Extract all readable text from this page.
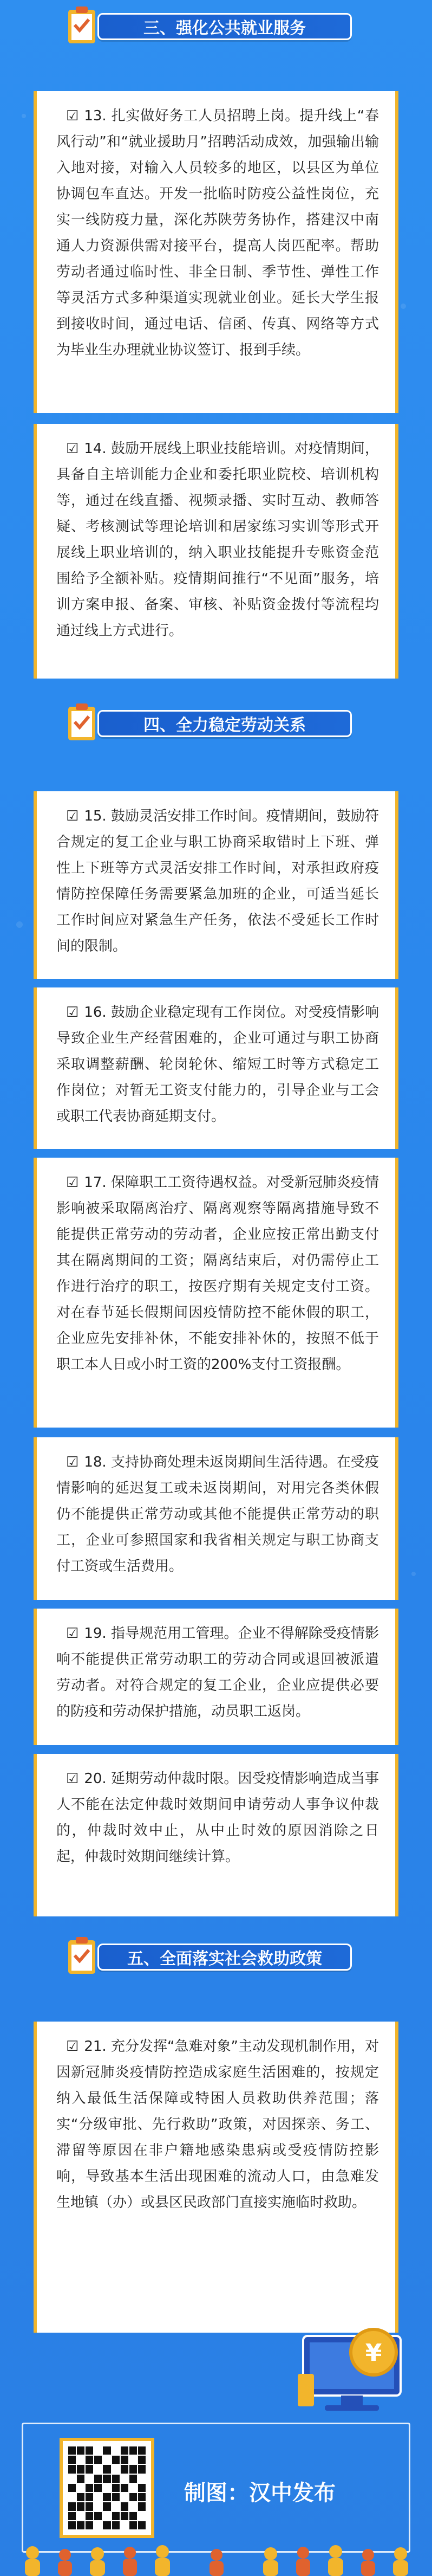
三、强化公共就业服务

☑ 13. 扎实做好务工人员招聘上岗。提升线上“春风行动”和“就业援助月”招聘活动成效，加强输出输入地对接，对输入人员较多的地区，以县区为单位协调包车直达。开发一批临时防疫公益性岗位，充实一线防疫力量，深化苏陕劳务协作，搭建汉中南通人力资源供需对接平台，提高人岗匹配率。帮助劳动者通过临时性、非全日制、季节性、弹性工作等灵活方式多种渠道实现就业创业。延长大学生报到接收时间，通过电话、信函、传真、网络等方式为毕业生办理就业协议签订、报到手续。

☑ 14. 鼓励开展线上职业技能培训。对疫情期间，具备自主培训能力企业和委托职业院校、培训机构等，通过在线直播、视频录播、实时互动、教师答疑、考核测试等理论培训和居家练习实训等形式开展线上职业培训的，纳入职业技能提升专账资金范围给予全额补贴。疫情期间推行“不见面”服务，培训方案申报、备案、审核、补贴资金拨付等流程均通过线上方式进行。

四、全力稳定劳动关系

☑ 15. 鼓励灵活安排工作时间。疫情期间，鼓励符合规定的复工企业与职工协商采取错时上下班、弹性上下班等方式灵活安排工作时间，对承担政府疫情防控保障任务需要紧急加班的企业，可适当延长工作时间应对紧急生产任务，依法不受延长工作时间的限制。

☑ 16. 鼓励企业稳定现有工作岗位。对受疫情影响导致企业生产经营困难的，企业可通过与职工协商采取调整薪酬、轮岗轮休、缩短工时等方式稳定工作岗位；对暂无工资支付能力的，引导企业与工会或职工代表协商延期支付。

☑ 17. 保障职工工资待遇权益。对受新冠肺炎疫情影响被采取隔离治疗、隔离观察等隔离措施导致不能提供正常劳动的劳动者，企业应按正常出勤支付其在隔离期间的工资；隔离结束后，对仍需停止工作进行治疗的职工，按医疗期有关规定支付工资。对在春节延长假期间因疫情防控不能休假的职工，企业应先安排补休，不能安排补休的，按照不低于职工本人日或小时工资的200%支付工资报酬。

☑ 18. 支持协商处理未返岗期间生活待遇。在受疫情影响的延迟复工或未返岗期间，对用完各类休假仍不能提供正常劳动或其他不能提供正常劳动的职工，企业可参照国家和我省相关规定与职工协商支付工资或生活费用。

☑ 19. 指导规范用工管理。企业不得解除受疫情影响不能提供正常劳动职工的劳动合同或退回被派遣劳动者。对符合规定的复工企业，企业应提供必要的防疫和劳动保护措施，动员职工返岗。

☑ 20. 延期劳动仲裁时限。因受疫情影响造成当事人不能在法定仲裁时效期间申请劳动人事争议仲裁的，仲裁时效中止，从中止时效的原因消除之日起，仲裁时效期间继续计算。

五、全面落实社会救助政策

☑ 21. 充分发挥“急难对象”主动发现机制作用，对因新冠肺炎疫情防控造成家庭生活困难的，按规定纳入最低生活保障或特困人员救助供养范围；落实“分级审批、先行救助”政策，对因探亲、务工、滞留等原因在非户籍地感染患病或受疫情防控影响，导致基本生活出现困难的流动人口，由急难发生地镇（办）或县区民政部门直接实施临时救助。

¥
制图：汉中发布
